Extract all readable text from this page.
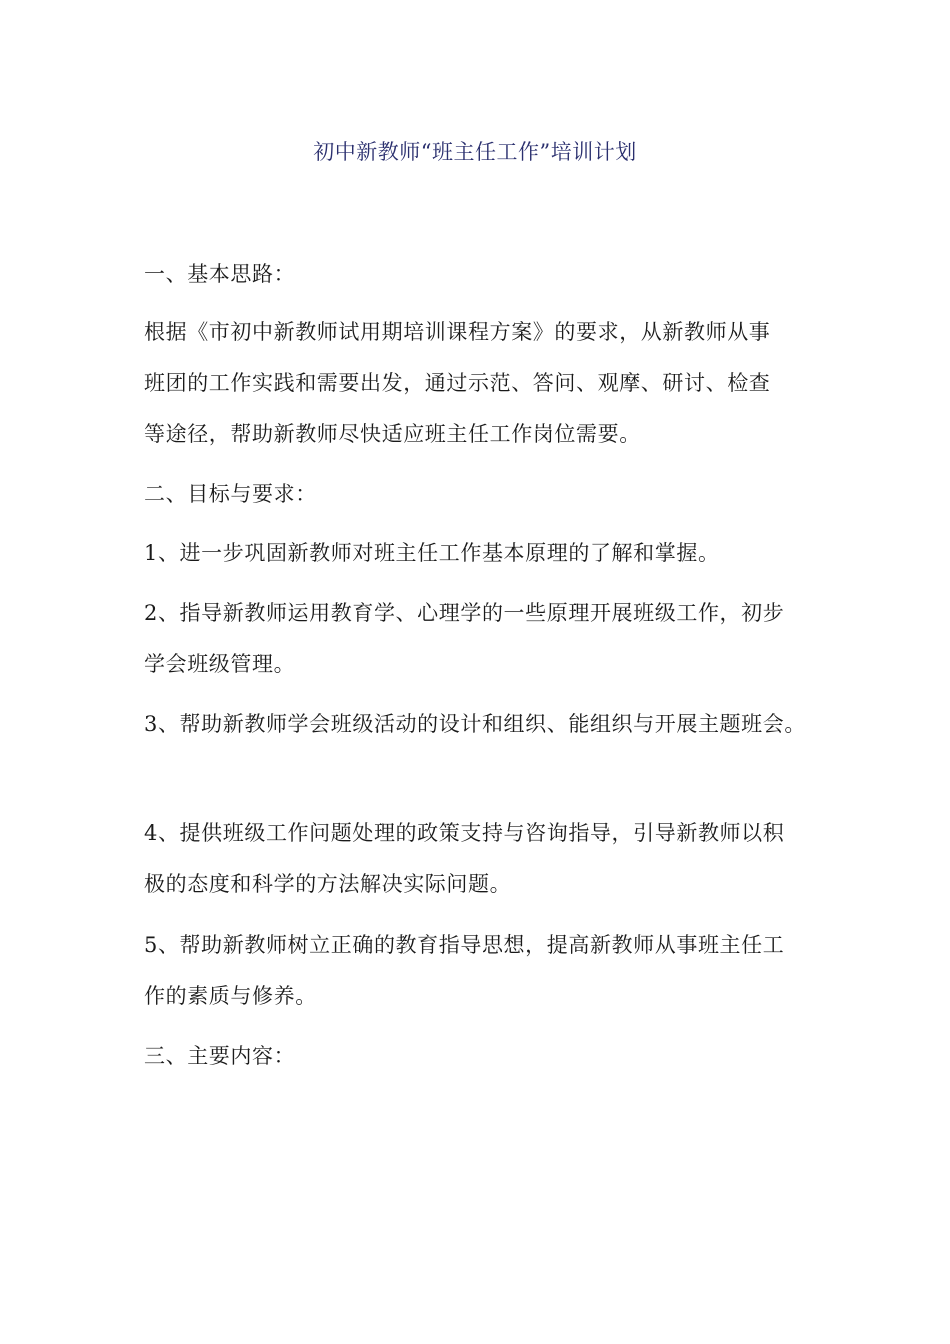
初中新教师“班主任工作”培训计划
一、基本思路：
根据《市初中新教师试用期培训课程方案》的要求，从新教师从事
班团的工作实践和需要出发，通过示范、答问、观摩、研讨、检查
等途径，帮助新教师尽快适应班主任工作岗位需要。
二、目标与要求：
1、进一步巩固新教师对班主任工作基本原理的了解和掌握。
2、指导新教师运用教育学、心理学的一些原理开展班级工作，初步
学会班级管理。
3、帮助新教师学会班级活动的设计和组织、能组织与开展主题班会。
4、提供班级工作问题处理的政策支持与咨询指导，引导新教师以积
极的态度和科学的方法解决实际问题。
5、帮助新教师树立正确的教育指导思想，提高新教师从事班主任工
作的素质与修养。
三、主要内容：
